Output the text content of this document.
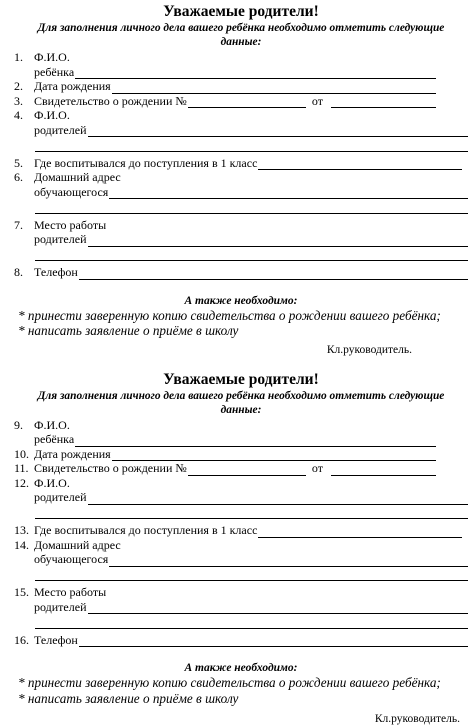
Уважаемые родители!

Для заполнения личного дела вашего ребёнка необходимо отметить следующие данные:

1. Ф.И.О.
ребёнка
2. Дата рождения
3. Свидетельство о рождении №	от
4. Ф.И.О.
родителей
5. Где воспитывался до поступления в 1 класс
6. Домашний адрес
обучающегося
7. Место работы
родителей
8. Телефон

А также необходимо:

* принести заверенную копию свидетельства о рождении вашего ребёнка;

* написать заявление о приёме в школу

Кл.руководитель.
Уважаемые родители!

Для заполнения личного дела вашего ребёнка необходимо отметить следующие данные:

9. Ф.И.О.
ребёнка
10. Дата рождения
11. Свидетельство о рождении №	от
12. Ф.И.О.
родителей
13. Где воспитывался до поступления в 1 класс
14. Домашний адрес
обучающегося
15. Место работы
родителей
16. Телефон

А также необходимо:

* принести заверенную копию свидетельства о рождении вашего ребёнка;

* написать заявление о приёме в школу

Кл.руководитель.
